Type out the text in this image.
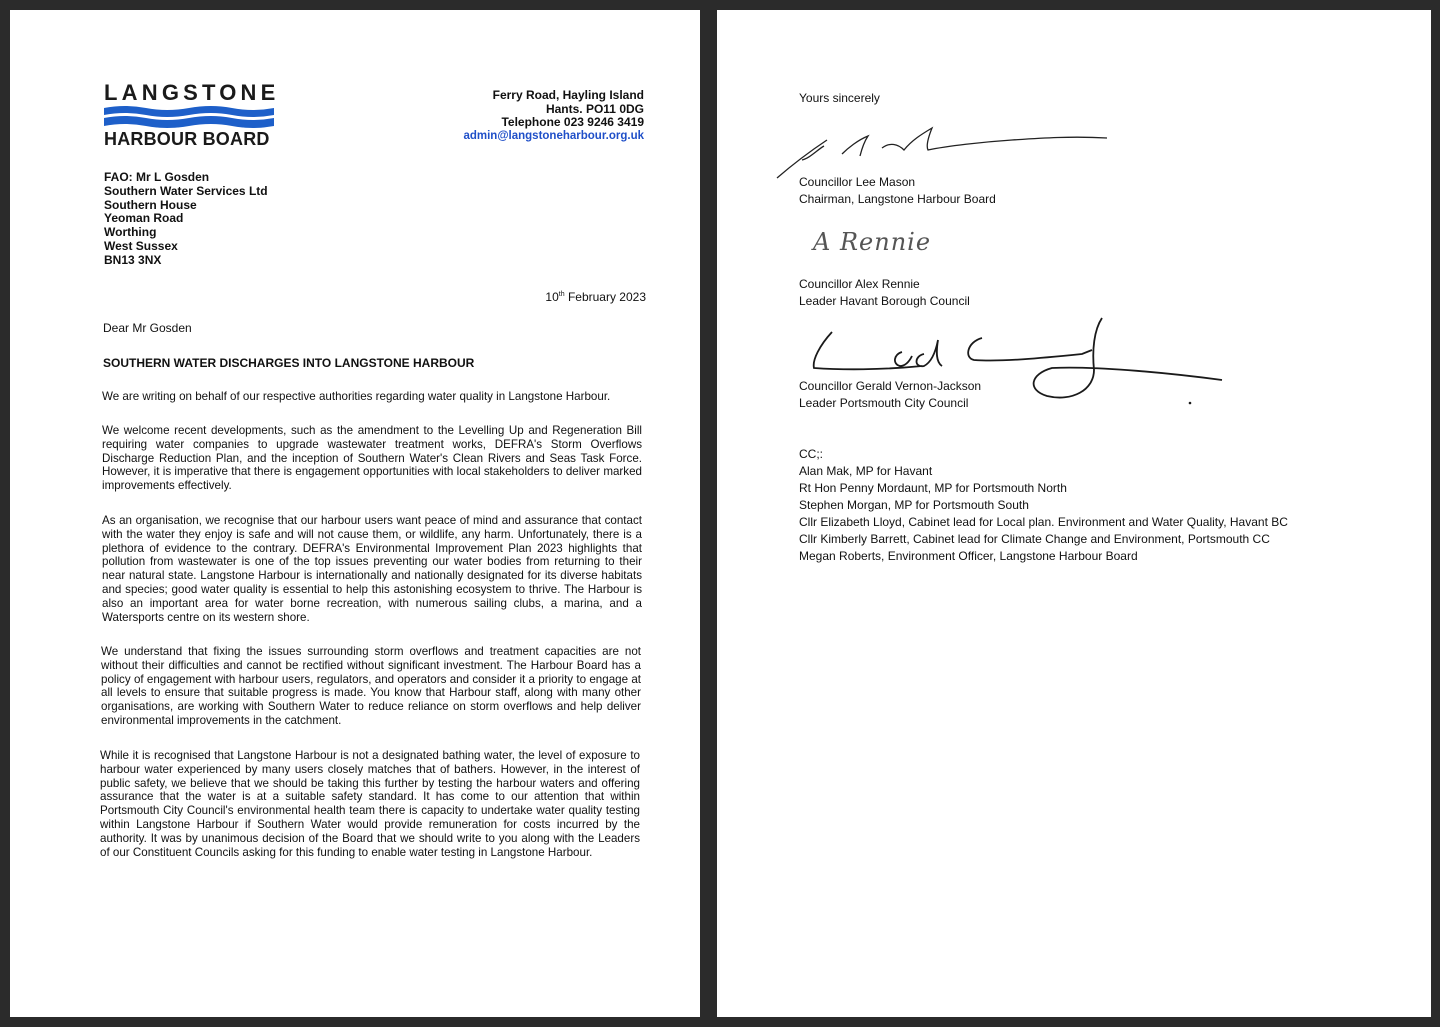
LANGSTONE
HARBOUR BOARD
Ferry Road, Hayling Island
Hants. PO11 0DG
Telephone 023 9246 3419
admin@langstoneharbour.org.uk
FAO: Mr L Gosden
Southern Water Services Ltd
Southern House
Yeoman Road
Worthing
West Sussex
BN13 3NX
10th February 2023
Dear Mr Gosden
SOUTHERN WATER DISCHARGES INTO LANGSTONE HARBOUR

We are writing on behalf of our respective authorities regarding water quality in Langstone Harbour.

We welcome recent developments, such as the amendment to the Levelling Up and Regeneration Bill requiring water companies to upgrade wastewater treatment works, DEFRA's Storm Overflows Discharge Reduction Plan, and the inception of Southern Water's Clean Rivers and Seas Task Force. However, it is imperative that there is engagement opportunities with local stakeholders to deliver marked improvements effectively.

As an organisation, we recognise that our harbour users want peace of mind and assurance that contact with the water they enjoy is safe and will not cause them, or wildlife, any harm. Unfortunately, there is a plethora of evidence to the contrary. DEFRA's Environmental Improvement Plan 2023 highlights that pollution from wastewater is one of the top issues preventing our water bodies from returning to their near natural state. Langstone Harbour is internationally and nationally designated for its diverse habitats and species; good water quality is essential to help this astonishing ecosystem to thrive. The Harbour is also an important area for water borne recreation, with numerous sailing clubs, a marina, and a Watersports centre on its western shore.

We understand that fixing the issues surrounding storm overflows and treatment capacities are not without their difficulties and cannot be rectified without significant investment. The Harbour Board has a policy of engagement with harbour users, regulators, and operators and consider it a priority to engage at all levels to ensure that suitable progress is made. You know that Harbour staff, along with many other organisations, are working with Southern Water to reduce reliance on storm overflows and help deliver environmental improvements in the catchment.

While it is recognised that Langstone Harbour is not a designated bathing water, the level of exposure to harbour water experienced by many users closely matches that of bathers. However, in the interest of public safety, we believe that we should be taking this further by testing the harbour waters and offering assurance that the water is at a suitable safety standard. It has come to our attention that within Portsmouth City Council's environmental health team there is capacity to undertake water quality testing within Langstone Harbour if Southern Water would provide remuneration for costs incurred by the authority. It was by unanimous decision of the Board that we should write to you along with the Leaders of our Constituent Councils asking for this funding to enable water testing in Langstone Harbour.

Yours sincerely
Councillor Lee Mason
Chairman, Langstone Harbour Board
A Rennie
Councillor Alex Rennie
Leader Havant Borough Council
Councillor Gerald Vernon-Jackson
Leader Portsmouth City Council
CC;:
Alan Mak, MP for Havant
Rt Hon Penny Mordaunt, MP for Portsmouth North
Stephen Morgan, MP for Portsmouth South
Cllr Elizabeth Lloyd, Cabinet lead for Local plan. Environment and Water Quality, Havant BC
Cllr Kimberly Barrett, Cabinet lead for Climate Change and Environment, Portsmouth CC
Megan Roberts, Environment Officer, Langstone Harbour Board
